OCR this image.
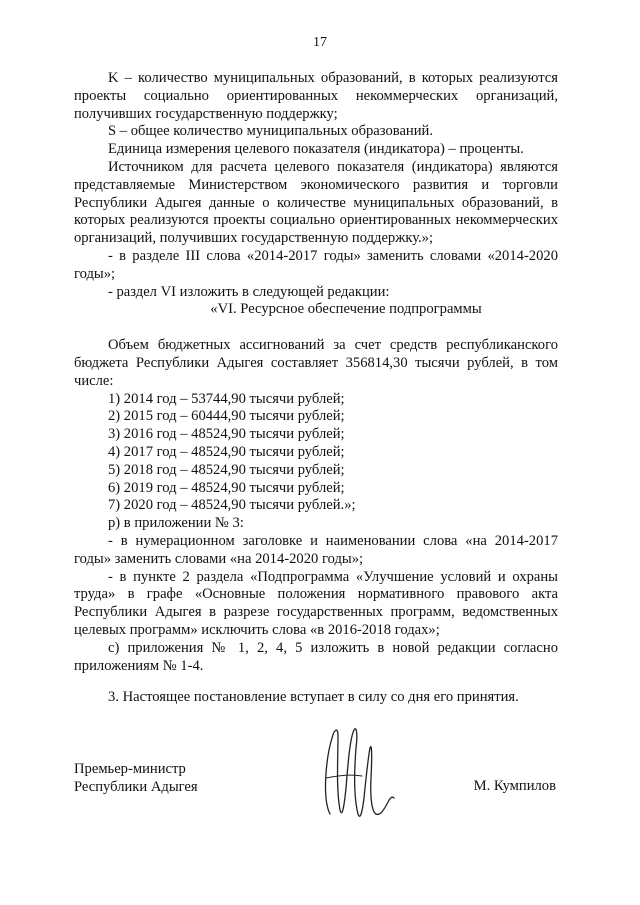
17

K – количество муниципальных образований, в которых реализуются проекты социально ориентированных некоммерческих организаций, получивших государственную поддержку;

S – общее количество муниципальных образований.

Единица измерения целевого показателя (индикатора) – проценты.

Источником для расчета целевого показателя (индикатора) являются представляемые Министерством экономического развития и торговли Республики Адыгея данные о количестве муниципальных образований, в которых реализуются проекты социально ориентированных некоммерческих организаций, получивших государственную поддержку.»;

- в разделе III слова «2014-2017 годы» заменить словами «2014-2020 годы»;

- раздел VI изложить в следующей редакции:

«VI. Ресурсное обеспечение подпрограммы

Объем бюджетных ассигнований за счет средств республиканского бюджета Республики Адыгея составляет 356814,30 тысячи рублей, в том числе:

1) 2014 год – 53744,90 тысячи рублей;

2) 2015 год – 60444,90 тысячи рублей;

3) 2016 год – 48524,90 тысячи рублей;

4) 2017 год – 48524,90 тысячи рублей;

5) 2018 год – 48524,90 тысячи рублей;

6) 2019 год – 48524,90 тысячи рублей;

7) 2020 год – 48524,90 тысячи рублей.»;

р) в приложении № 3:

- в нумерационном заголовке и наименовании слова «на 2014-2017 годы» заменить словами «на 2014-2020 годы»;

- в пункте 2 раздела «Подпрограмма «Улучшение условий и охраны труда» в графе «Основные положения нормативного правового акта Республики Адыгея в разрезе государственных программ, ведомственных целевых программ» исключить слова «в 2016-2018 годах»;

с) приложения № 1, 2, 4, 5 изложить в новой редакции согласно приложениям № 1-4.

3. Настоящее постановление вступает в силу со дня его принятия.

Премьер-министр
Республики Адыгея	М. Кумпилов
